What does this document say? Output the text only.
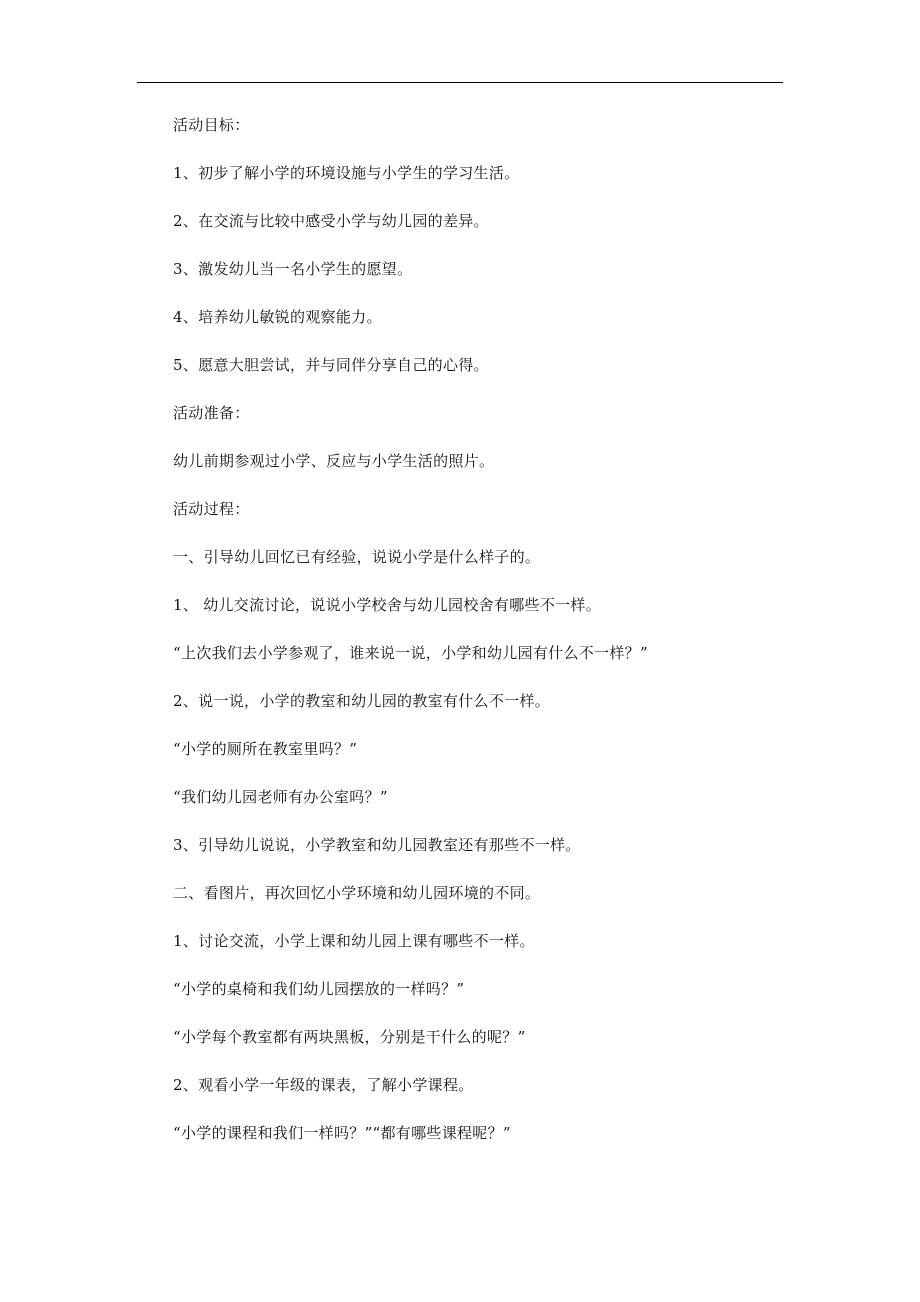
活动目标：
1、初步了解小学的环境设施与小学生的学习生活。
2、在交流与比较中感受小学与幼儿园的差异。
3、激发幼儿当一名小学生的愿望。
4、培养幼儿敏锐的观察能力。
5、愿意大胆尝试，并与同伴分享自己的心得。
活动准备：
幼儿前期参观过小学、反应与小学生活的照片。
活动过程：
一、引导幼儿回忆已有经验，说说小学是什么样子的。
1、 幼儿交流讨论，说说小学校舍与幼儿园校舍有哪些不一样。
“上次我们去小学参观了，谁来说一说，小学和幼儿园有什么不一样？”
2、说一说，小学的教室和幼儿园的教室有什么不一样。
“小学的厕所在教室里吗？”
“我们幼儿园老师有办公室吗？”
3、引导幼儿说说，小学教室和幼儿园教室还有那些不一样。
二、看图片，再次回忆小学环境和幼儿园环境的不同。
1、讨论交流，小学上课和幼儿园上课有哪些不一样。
“小学的桌椅和我们幼儿园摆放的一样吗？”
“小学每个教室都有两块黑板，分别是干什么的呢？”
2、观看小学一年级的课表，了解小学课程。
“小学的课程和我们一样吗？”“都有哪些课程呢？”
